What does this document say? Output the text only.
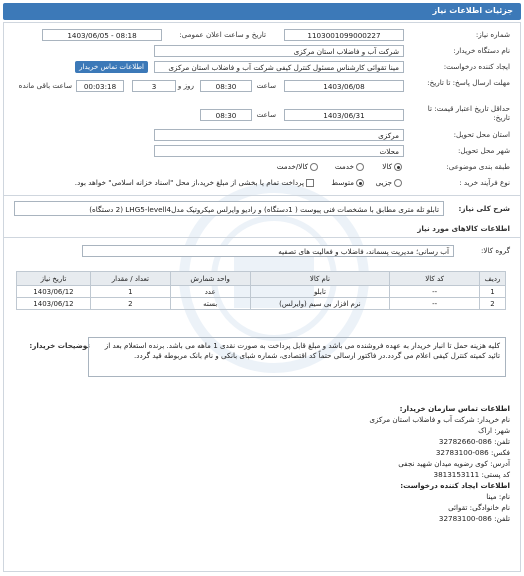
جزئیات اطلاعات نیاز
شماره نیاز:
1103001099000227
تاریخ و ساعت اعلان عمومی:
1403/06/05 - 08:18
نام دستگاه خریدار:
شرکت آب و فاضلاب استان مرکزی
ایجاد کننده درخواست:
مینا تقوائی کارشناس مسئول کنترل کیفی شرکت آب و فاضلاب استان مرکزی
اطلاعات تماس خریدار
مهلت ارسال پاسخ: تا تاریخ:
1403/06/08
ساعت
08:30
3	روز و
00:03:18
ساعت باقی مانده
حداقل تاریخ اعتبار قیمت: تا تاریخ:
1403/06/31
ساعت
08:30
استان محل تحویل:
مرکزی
شهر محل تحویل:
محلات
طبقه بندی موضوعی:
کالا
خدمت
کالا/خدمت
نوع فرآیند خرید :
جزیی
متوسط
پرداخت تمام یا بخشی از مبلغ خرید،از محل "اسناد خزانه اسلامی" خواهد بود.
شرح کلی نیاز:
تابلو تله متری مطابق با مشخصات فنی پیوست ( 1دستگاه) و رادیو وایرلس میکروتیک مدلLHG5-levell4 (2 دستگاه)
اطلاعات کالاهای مورد نیاز
گروه کالا:
آب رسانی؛ مدیریت پسماند، فاضلاب و فعالیت های تصفیه
ردیف	کد کالا	نام کالا	واحد شمارش	تعداد / مقدار	تاریخ نیاز
1	--	تابلو	عدد	1	1403/06/12
2	--	نرم افزار بی سیم (وایرلس)	بسته	2	1403/06/12
توضیحات خریدار:	کلیه هزینه حمل تا انبار خریدار به عهده فروشنده می باشد و مبلغ قابل پرداخت به صورت نقدی 1 ماهه می باشد. برنده استعلام بعد از تائید کمیته کنترل کیفی اعلام می گردد.در فاکتور ارسالی حتماً کد اقتصادی، شماره شبای بانکی و نام بانک مربوطه قید گردد.
اطلاعات تماس سازمان خریدار:
نام خریدار: شرکت آب و فاضلاب استان مرکزی
شهر: اراک
تلفن: 086-32782660
فکس: 086-32783100
آدرس: کوی رضویه میدان شهید نجفی
کد پستی: 3813153111
اطلاعات ایجاد کننده درخواست:
نام: مینا
نام خانوادگی: تقوائی
تلفن: 086-32783100
